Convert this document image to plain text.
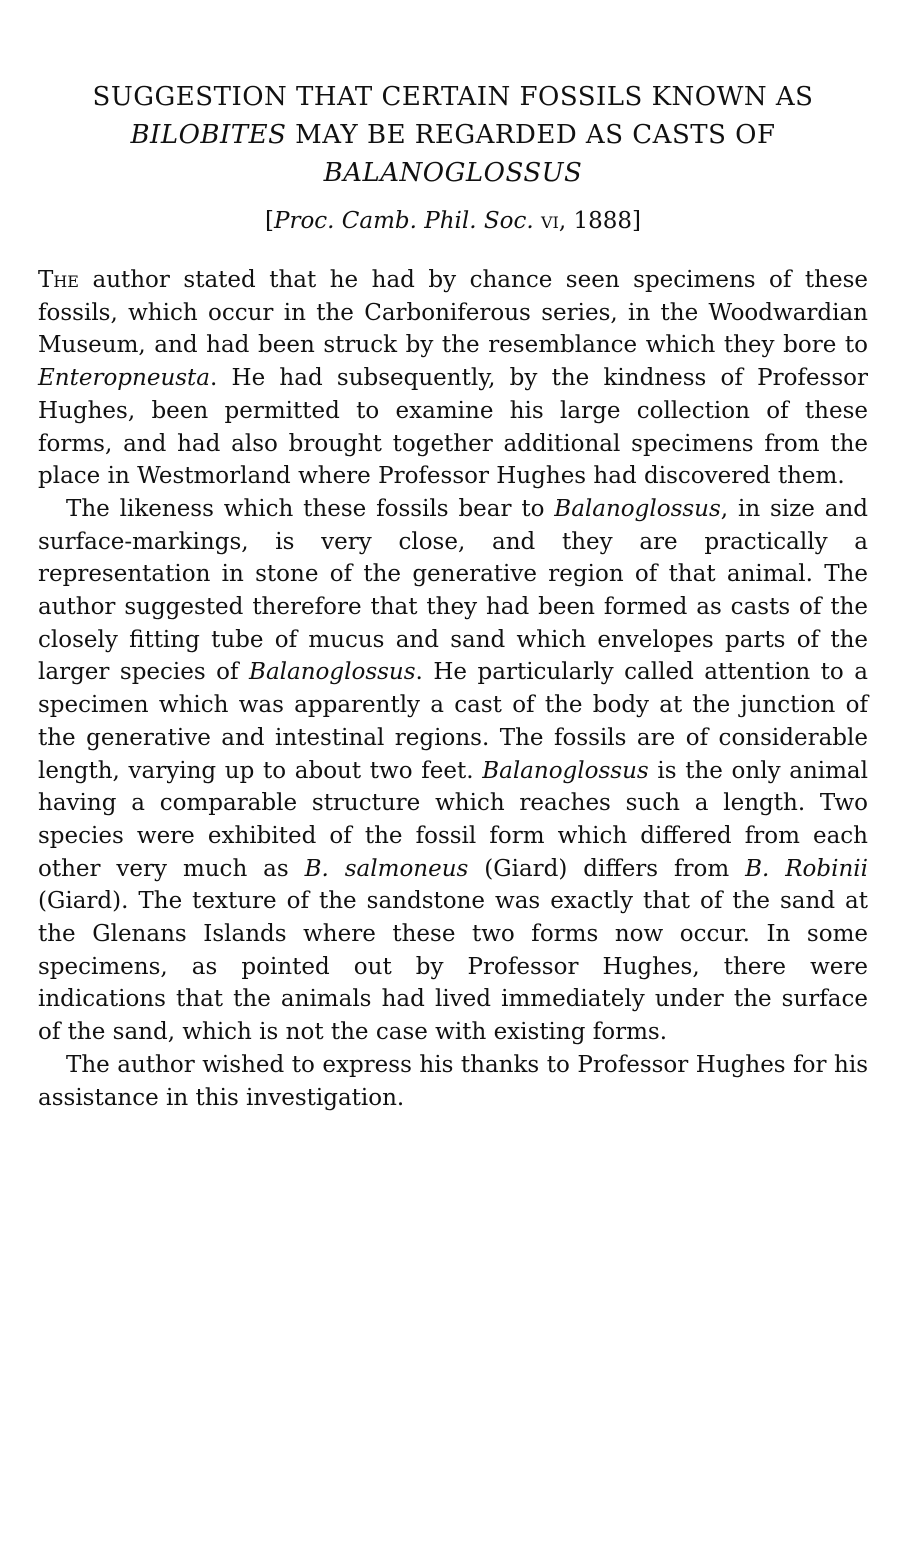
SUGGESTION THAT CERTAIN FOSSILS KNOWN AS
BILOBITES MAY BE REGARDED AS CASTS OF
BALANOGLOSSUS
[Proc. Camb. Phil. Soc. vi, 1888]

The author stated that he had by chance seen specimens of these fossils, which occur in the Carboniferous series, in the Woodwardian Museum, and had been struck by the resemblance which they bore to Enteropneusta. He had subsequently, by the kindness of Professor Hughes, been permitted to examine his large collection of these forms, and had also brought together additional specimens from the place in Westmorland where Professor Hughes had discovered them.

The likeness which these fossils bear to Balanoglossus, in size and surface-markings, is very close, and they are practically a representation in stone of the generative region of that animal. The author suggested therefore that they had been formed as casts of the closely fitting tube of mucus and sand which envelopes parts of the larger species of Balanoglossus. He particularly called attention to a specimen which was apparently a cast of the body at the junction of the generative and intestinal regions. The fossils are of considerable length, varying up to about two feet. Balanoglossus is the only animal having a comparable structure which reaches such a length. Two species were exhibited of the fossil form which differed from each other very much as B. salmoneus (Giard) differs from B. Robinii (Giard). The texture of the sandstone was exactly that of the sand at the Glenans Islands where these two forms now occur. In some specimens, as pointed out by Professor Hughes, there were indications that the animals had lived immediately under the surface of the sand, which is not the case with existing forms.

The author wished to express his thanks to Professor Hughes for his assistance in this investigation.
